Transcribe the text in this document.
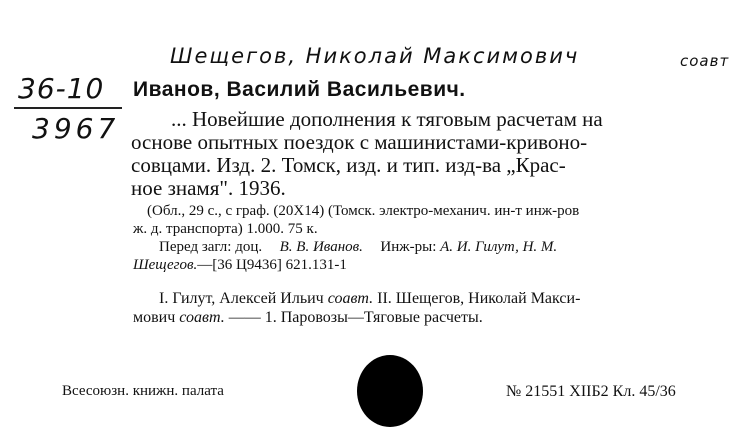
Шещегов, Николай Максимович	соавт
36-10
3967
Иванов, Василий Васильевич.
... Новейшие дополнения к тяговым расчетам на
основе опытных поездок с машинистами-кривоно-
совцами. Изд. 2. Томск, изд. и тип. изд-ва „Крас-
ное знамя". 1936.
(Обл., 29 с., с граф. (20X14) (Томск. электро-механич. ин-т инж-ров
ж. д. транспорта) 1.000. 75 к.
Перед загл: доц. В. В. Иванов. Инж-ры: А. И. Гилут, Н. М.
Шещегов.—[36 Ц9436] 621.131-1
I. Гилут, Алексей Ильич соавт. II. Шещегов, Николай Макси-
мович соавт. —— 1. Паровозы—Тяговые расчеты.
Всесоюзн. книжн. палата	№ 21551 XIIБ2 Кл. 45/36
